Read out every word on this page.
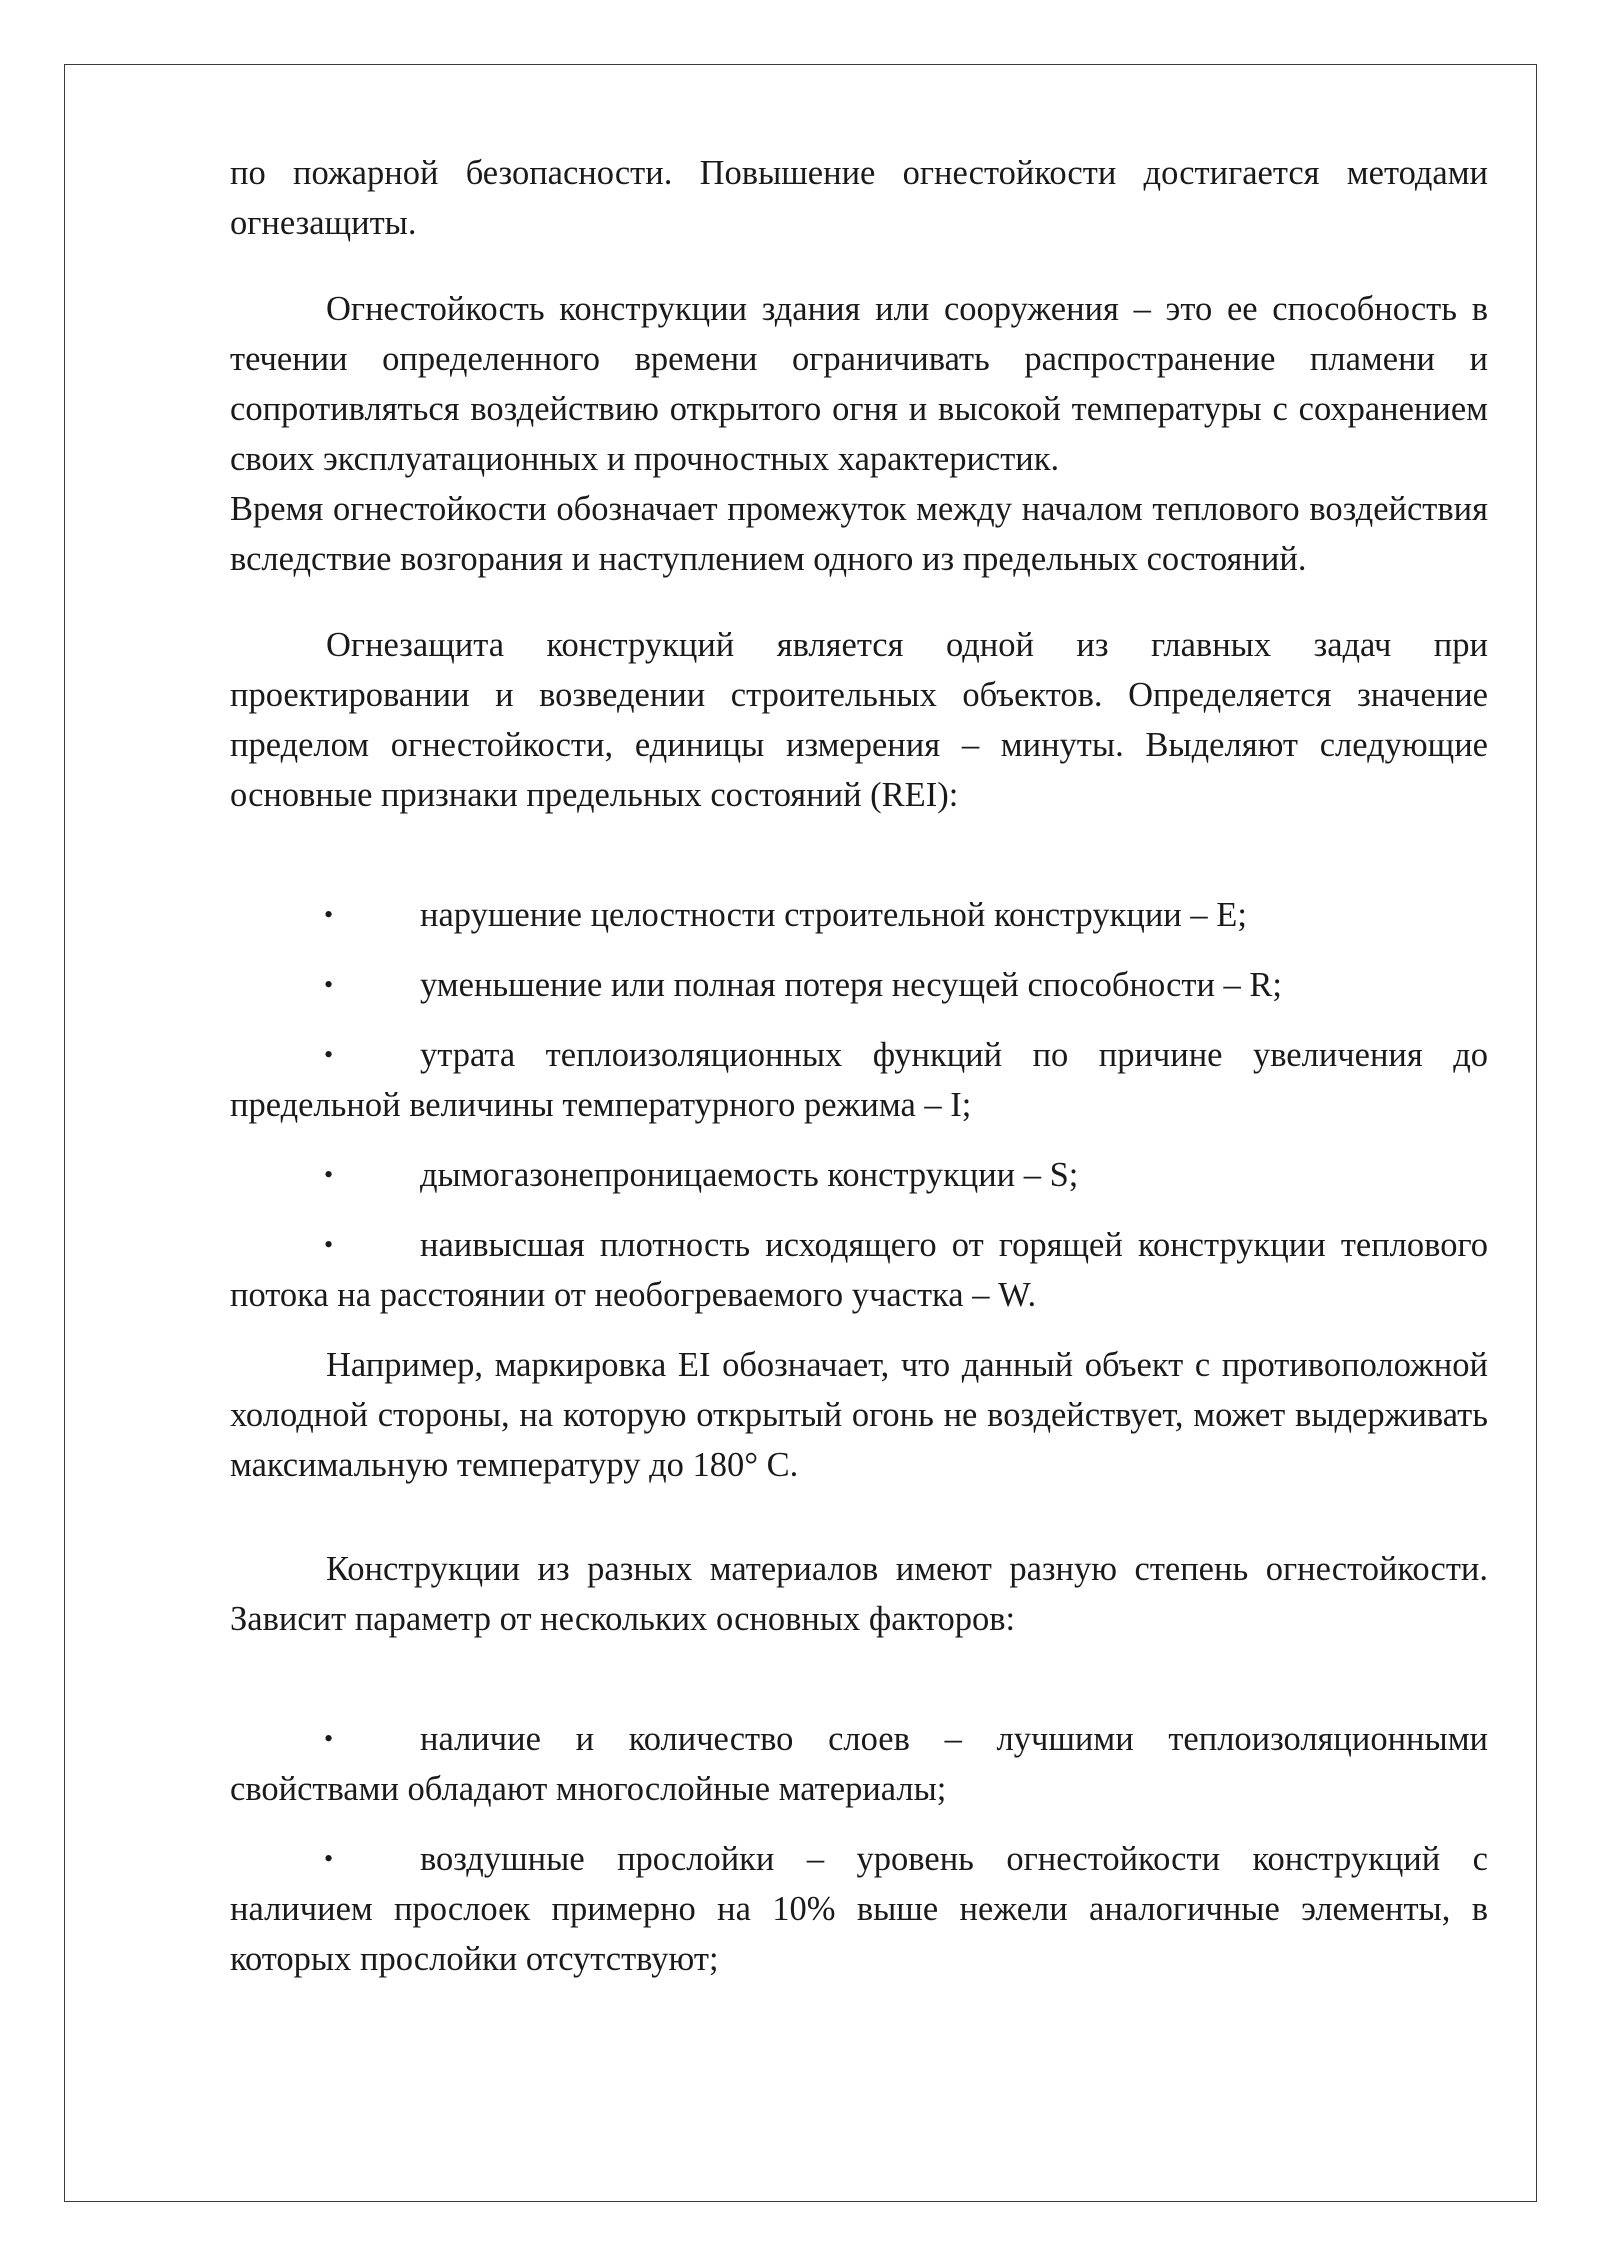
по пожарной безопасности. Повышение огнестойкости достигается методами огнезащиты.

Огнестойкость конструкции здания или сооружения – это ее способность в течении определенного времени ограничивать распространение пламени и сопротивляться воздействию открытого огня и высокой температуры с сохранением своих эксплуатационных и прочностных характеристик.

Время огнестойкости обозначает промежуток между началом теплового воздействия вследствие возгорания и наступлением одного из предельных состояний.

Огнезащита конструкций является одной из главных задач при проектировании и возведении строительных объектов. Определяется значение пределом огнестойкости, единицы измерения – минуты. Выделяют следующие основные признаки предельных состояний (REI):

•	нарушение целостности строительной конструкции – E;

•	уменьшение или полная потеря несущей способности – R;

•	утрата теплоизоляционных функций по причине увеличения до предельной величины температурного режима – I;

•	дымогазонепроницаемость конструкции – S;

•	наивысшая плотность исходящего от горящей конструкции теплового потока на расстоянии от необогреваемого участка – W.

Например, маркировка EI обозначает, что данный объект с противоположной холодной стороны, на которую открытый огонь не воздействует, может выдерживать максимальную температуру до 180° С.

Конструкции из разных материалов имеют разную степень огнестойкости. Зависит параметр от нескольких основных факторов:

•	наличие и количество слоев – лучшими теплоизоляционными свойствами обладают многослойные материалы;

•	воздушные прослойки – уровень огнестойкости конструкций с наличием прослоек примерно на 10% выше нежели аналогичные элементы, в которых прослойки отсутствуют;
